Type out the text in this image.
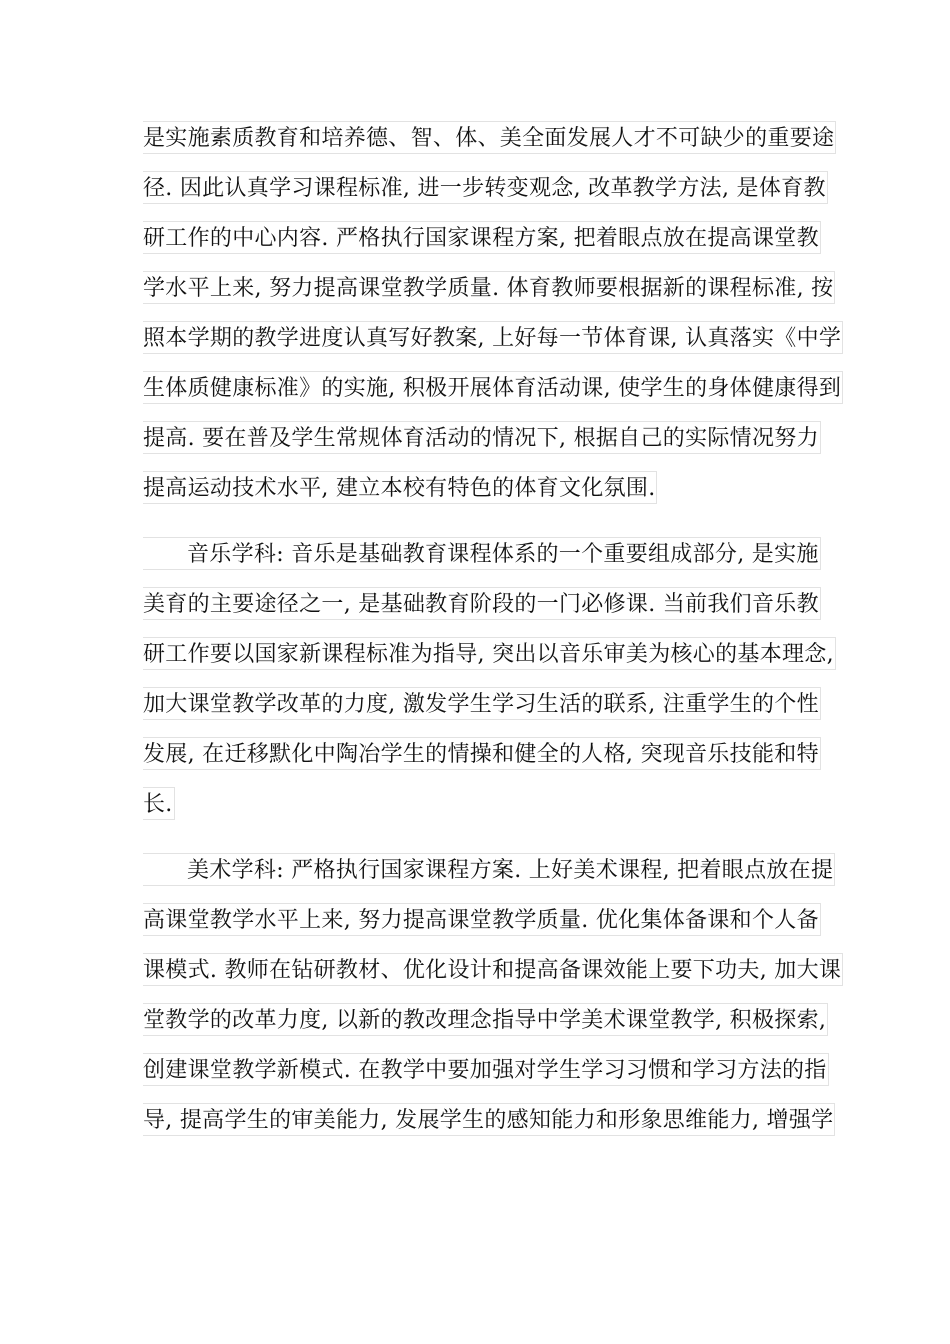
是实施素质教育和培养德、智、体、美全面发展人才不可缺少的重要途
径. 因此认真学习课程标准, 进一步转变观念, 改革教学方法, 是体育教
研工作的中心内容. 严格执行国家课程方案, 把着眼点放在提高课堂教
学水平上来, 努力提高课堂教学质量. 体育教师要根据新的课程标准, 按
照本学期的教学进度认真写好教案, 上好每一节体育课, 认真落实《中学
生体质健康标准》的实施, 积极开展体育活动课, 使学生的身体健康得到
提高. 要在普及学生常规体育活动的情况下, 根据自己的实际情况努力
提高运动技术水平, 建立本校有特色的体育文化氛围.
音乐学科: 音乐是基础教育课程体系的一个重要组成部分, 是实施
美育的主要途径之一, 是基础教育阶段的一门必修课. 当前我们音乐教
研工作要以国家新课程标准为指导, 突出以音乐审美为核心的基本理念,
加大课堂教学改革的力度, 激发学生学习生活的联系, 注重学生的个性
发展, 在迁移默化中陶冶学生的情操和健全的人格, 突现音乐技能和特
长.
美术学科: 严格执行国家课程方案. 上好美术课程, 把着眼点放在提
高课堂教学水平上来, 努力提高课堂教学质量. 优化集体备课和个人备
课模式. 教师在钻研教材、优化设计和提高备课效能上要下功夫, 加大课
堂教学的改革力度, 以新的教改理念指导中学美术课堂教学, 积极探索,
创建课堂教学新模式. 在教学中要加强对学生学习习惯和学习方法的指
导, 提高学生的审美能力, 发展学生的感知能力和形象思维能力, 增强学
